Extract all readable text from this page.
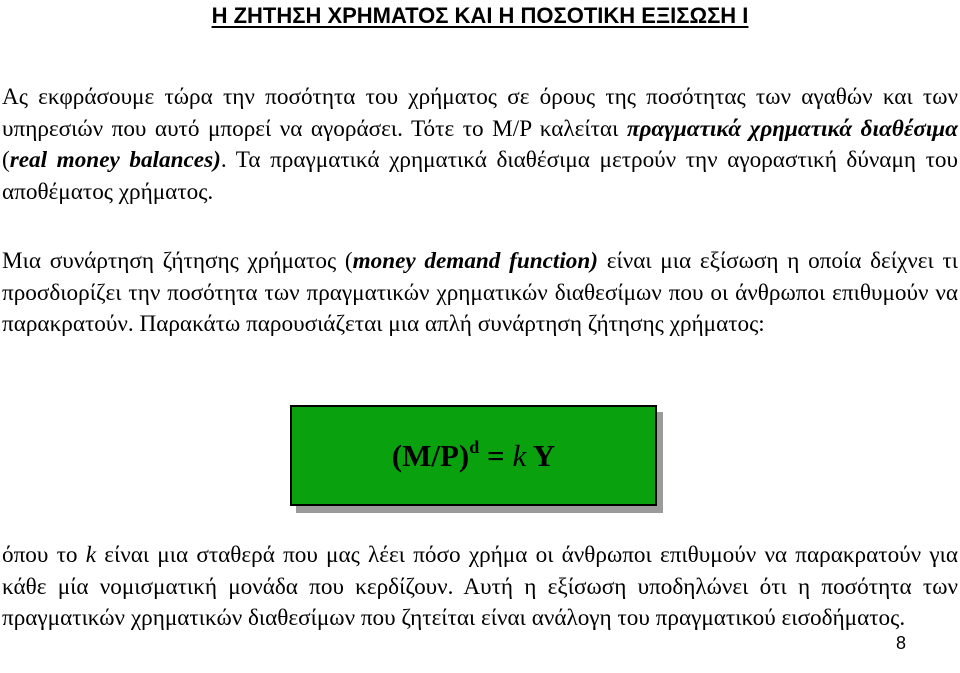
Η ΖΗΤΗΣΗ ΧΡΗΜΑΤΟΣ ΚΑΙ Η ΠΟΣΟΤΙΚΗ ΕΞΙΣΩΣΗ Ι

Ας εκφράσουμε τώρα την ποσότητα του χρήματος σε όρους της ποσότητας των αγαθών και των υπηρεσιών που αυτό μπορεί να αγοράσει. Τότε το M/P καλείται πραγματικά χρηματικά διαθέσιμα (real money balances). Τα πραγματικά χρηματικά διαθέσιμα μετρούν την αγοραστική δύναμη του αποθέματος χρήματος.

Μια συνάρτηση ζήτησης χρήματος (money demand function) είναι μια εξίσωση η οποία δείχνει τι προσδιορίζει την ποσότητα των πραγματικών χρηματικών διαθεσίμων που οι άνθρωποι επιθυμούν να παρακρατούν. Παρακάτω παρουσιάζεται μια απλή συνάρτηση ζήτησης χρήματος:

$(M/P)^d = k$ Y

όπου το k είναι μια σταθερά που μας λέει πόσο χρήμα οι άνθρωποι επιθυμούν να παρακρατούν για κάθε μία νομισματική μονάδα που κερδίζουν. Αυτή η εξίσωση υποδηλώνει ότι η ποσότητα των πραγματικών χρηματικών διαθεσίμων που ζητείται είναι ανάλογη του πραγματικού εισοδήματος.

8
